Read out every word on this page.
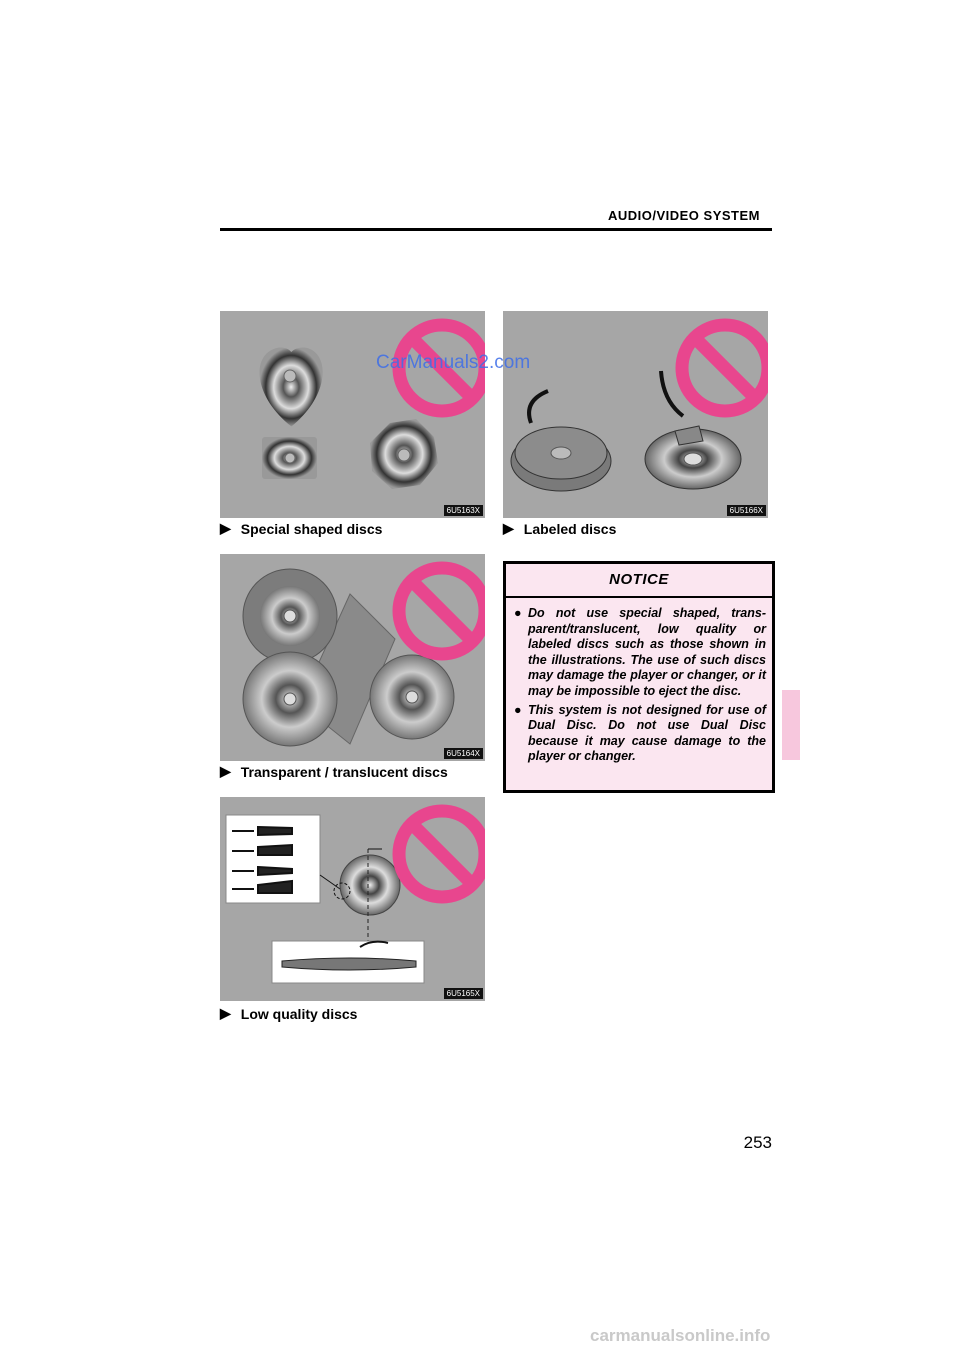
AUDIO/VIDEO SYSTEM
6U5163X
▶ Special shaped discs
6U5166X
▶ Labeled discs
6U5164X
▶ Transparent / translucent discs
6U5165X
▶ Low quality discs
NOTICE
● Do not use special shaped, trans-parent/translucent, low quality or labeled discs such as those shown in the illustrations. The use of such discs may damage the player or changer, or it may be impossible to eject the disc.
● This system is not designed for use of Dual Disc. Do not use Dual Disc because it may cause damage to the player or changer.
CarManuals2.com
253
carmanualsonline.info
